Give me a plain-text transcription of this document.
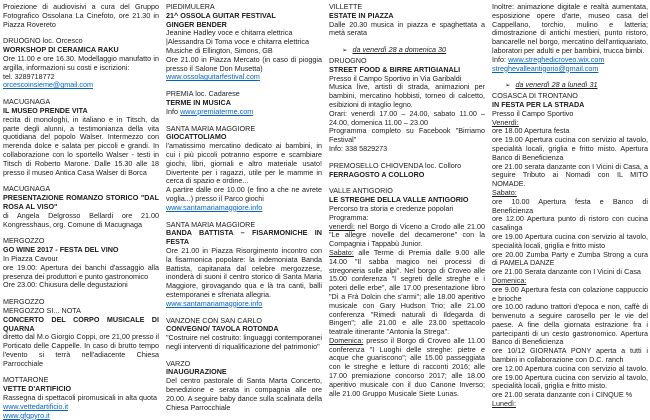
Proiezione di audiovisivi a cura del Gruppo Fotografico Ossolana La Cinefoto, ore 21.30 in Piazza Rovereto

DRUOGNO loc. Orcesco

WORKSHOP DI CERAMICA RAKU

Ore 11.00 e ore 16.30. Modellaggio manufatto in argilla, informazioni su costi e iscrizioni:

tel. 3289718772

orcescoinsieme@gmail.com

MACUGNAGA

IL MUSEO PRENDE VITA

recita di monologhi, in italiano e in Titsch, da parte degli alunni, a testimonianza della vita quotidiana del popolo Walser. Intermezzo con merenda dolce e salata per piccoli e grandi. In collaborazione con lo sportello Walser - testi in Titsch di Roberto Marone. Dalle 15.30 alle 18 presso il museo Antica Casa Walser di Borca

MACUGNAGA

PRESENTAZIONE ROMANZO STORICO "DAL ROSA AL VISO"

di Angela Delgrosso Bellardi ore 21.00 Kongresshaus, org. Comune di Macugnaga

MERGOZZO

GO WINE 2017 - FESTA DEL VINO

In Piazza Cavour

ore 19.00: Apertura dei banchi d'assaggio alla presenza dei produttori e punto gastronomico

Ore 23.00: Chiusura delle degustazioni

MERGOZZO

MERGOZZO SI... NOTA

CONCERTO DEL CORPO MUSICALE DI QUARNA

diretto dal M.o Giorgio Coppi, ore 21,00 presso il Porticato delle Cappelle. In caso di brutto tempo l'evento si terrà nell'adiacente Chiesa Parrocchiale

MOTTARONE

VETTE D'ARTIFICIO

Rassegna di spettacoli piromusicali in alta quota

www.vettedartificio.it

www.gfgpyro.it

PIEDIMULERA

21^ OSSOLA GUITAR FESTIVAL

GINGER BENDER

Jeanine Hadley voce e chitarra elettrica

|Alessandra Di Toma voce e chitarra elettrica

Musiche di Ellington, Simons, GB

Ore 21.00 in Piazza Mercato (in caso di pioggia presso il Salone Don Musetta)

www.ossolaguitarfestival.com

PREMIA loc. Cadarese

TERME IN MUSICA

Info www.premiaterme.com

SANTA MARIA MAGGIORE

GIOCATTOLIAMO

l'amatissimo mercatino dedicato ai bambini, in cui i più piccoli potranno esporre e scambiare giochi, libri, giornali e altro materiale usato! Divertente per i ragazzi, utile per le mamme in cerca di spazio e ordine...

A partire dalle ore 10.00 (e fino a che ne avrete voglia...) presso il Parco giochi

www.santamariamaggiore.info

SANTA MARIA MAGGIORE

BANDA BATTISTA – FISARMONICHE IN FESTA

Ore 21.00 in Piazza Risorgimento incontro con la fisarmonica popolare: la indemoniata Banda Battista, capitanata dal celebre mergozzese, inonderà di suoni il centro storico di Santa Maria Maggiore, girovagando qua e là tra canti, balli estemporanei e sfrenata allegria.

www.santamariamaggiore.info

VANZONE CON SAN CARLO

CONVEGNO/ TAVOLA ROTONDA

"Costruire nel costruito: linguaggi contemporanei negli interventi di riqualificazione del patrimonio"

VARZO

INAUGURAZIONE

Del centro pastorale di Santa Marta Concerto, benedizione e serata in compagnia alle ore 20.00. A seguire baby dance sulla scalinata della Chiesa Parrocchiale

VILLETTE

ESTATE IN PIAZZA

Dalle 20.30 musica in piazza e spaghettata a metà serata

➢ da venerdì 28 a domenica 30

DRUOGNO

STREET FOOD & BIRRE ARTIGIANALI

Presso il Campo Sportivo in Via Garibaldi

Musica live, artisti di strada, animazioni per bambini, mercatino hobbisti, torneo di calcetto, esibizioni di intaglio legno.

Orari: venerdì 17.00 – 24.00, sabato 11.00 – 24.00, domenica 11.00 – 23.00

Programma completo su Facebook "Birriamo Festival"

Info: 338 5829273

PREMOSELLO CHIOVENDA loc. Colloro

FERRAGOSTO A COLLORO

VALLE ANTIGORIO

LE STREGHE DELLA VALLE ANTIGORIO

Percorso tra storia e credenze popolari

Programma:

venerdì: nel Borgo di Viceno a Crodo alle 21.00 "Le allegre novelle del decamerone" con la Compagnia i Tappabù Junior.

Sabato: alle Terme di Premia dalle 9.00 alle 14.00 "Il sabba magico nei processi di stregoneria sulle alpi". Nel borgo di Croveo alle 15.00 conferenza "I segreti delle streghe e i poteri delle erbe", alle 17.00 presentazione libro "Dì a Frà Dolcin che s'armi"; alle 18.00 aperitivo musicale con Gary Hudson Trio; alle 21.00 conferenza "Rimedi naturali di Ildegarda di Bingen"; alle 21.00 e alle 23.00 spettacolo teatrale itinerante "Antonia la Strega".

Domenica: presso il Borgo di Croveo alle 11.00 conferenza "I Luoghi delle streghe: pietre e acque che guariscono"; alle 15.00 passeggiata con le streghe e letture di racconti 2016; alle 17.00 premiazione concorso 2017; alle 18.00 aperitivo musicale con il duo Canone Inverso; alle 21.00 Gruppo Musicale Siete Lunas.

Inoltre: animazione digitale e realtà aumentata, esposizione opere d'arte, museo casa del Cappellano, torchio, mulino e latteria; dimostrazione di antichi mestieri, punto ristoro, bancarelle nel borgo, mercatino dell'antiquariato, laboratori per adulti e per bambini, trucca bimbi.

Info: www.streghedicroveo.wix.com

streghevalleantigorio@gmail.com

➢ da venerdì 28 a lunedì 31

COSASCA DI TRONTANO

IN FESTA PER LA STRADA

Presso il Campo Sportivo

Venerdì:

ore 18.00 Apertura festa

ore 19.00 Apertura cucina con servizio al tavolo, specialità locali, griglia e fritto misto. Apertura Banco di Beneficienza

ore 21.00 serata danzante con I Vicini di Casa, a seguire Tributo ai Nomadi con IL MITO NOMADE.

Sabato:

ore 10.00 Apertura festa e Banco di Beneficienza

ore 12.00 Apertura punto di ristoro con cucina casalinga

ore 19.00 Apertura cucina con servizio al tavolo, specialità locali, griglia e fritto misto

ore 20.00 Zumba Party e Zumba Strong a cura di PAMELA DANZE

ore 21.00 Serata danzante con I Vicini di Casa

Domenica:

ore 9.00 Apertura festa con colazione cappuccio e brioche

ore 10.00 raduno trattori d'epoca e non, caffè di benvenuto a seguire carosello per le vie del paese. A fine della giornata estrazione fra i partecipanti di un cesto gastronomico. Apertura Banco di Beneficienza

ore 10/12 GIORNATA PONY aperta a tutti i bambini in collaborazione con D.C. ranch

ore 12.00 Apertura cucina con servizio al tavolo. ore 19.00 Apertura cucina con servizio al tavolo, specialità locali, griglia e fritto misto.

ore 21.00 serata danzante con i CINQUE %

Lunedì:
